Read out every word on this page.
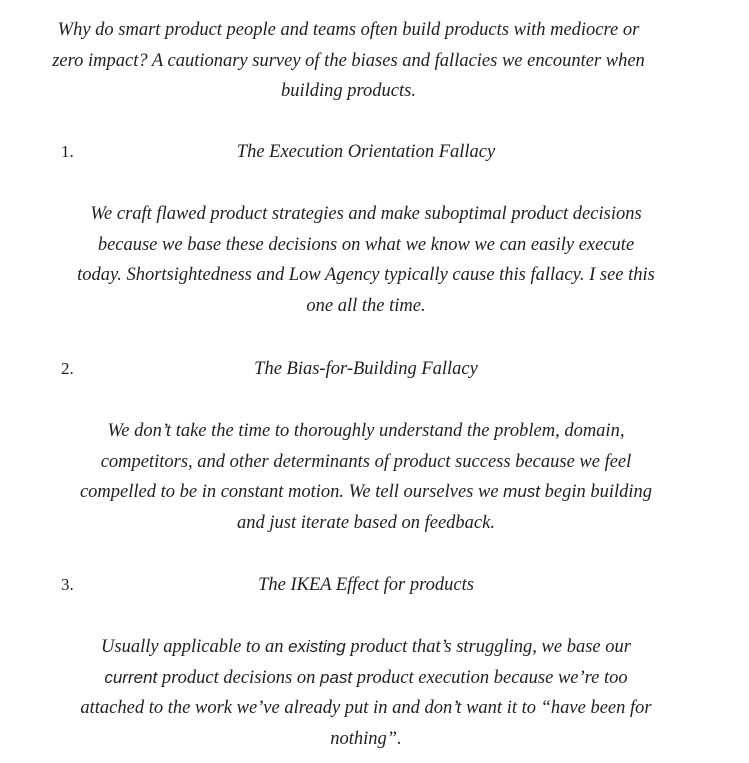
Why do smart product people and teams often build products with mediocre or zero impact? A cautionary survey of the biases and fallacies we encounter when building products.

1.	The Execution Orientation Fallacy

We craft flawed product strategies and make suboptimal product decisions because we base these decisions on what we know we can easily execute today. Shortsightedness and Low Agency typically cause this fallacy. I see this one all the time.

2.	The Bias-for-Building Fallacy

We don’t take the time to thoroughly understand the problem, domain, competitors, and other determinants of product success because we feel compelled to be in constant motion. We tell ourselves we must begin building and just iterate based on feedback.

3.	The IKEA Effect for products

Usually applicable to an existing product that’s struggling, we base our current product decisions on past product execution because we’re too attached to the work we’ve already put in and don’t want it to “have been for nothing”.
